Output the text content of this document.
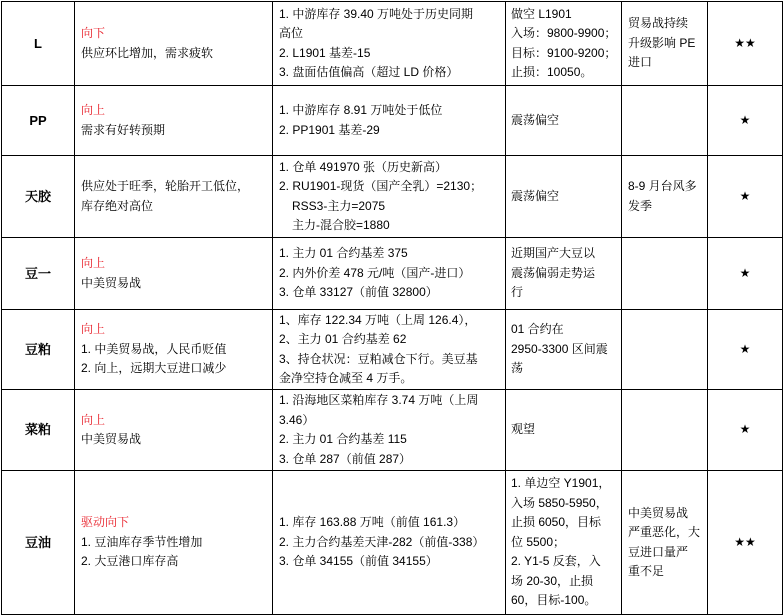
L
向下
供应环比增加，需求疲软
1. 中游库存 39.40 万吨处于历史同期
高位
2. L1901 基差-15
3. 盘面估值偏高（超过 LD 价格）
做空 L1901
入场：9800-9900；
目标：9100-9200；
止损：10050。
贸易战持续
升级影响 PE
进口
★★
PP
向上
需求有好转预期
1. 中游库存 8.91 万吨处于低位
2. PP1901 基差-29
震荡偏空	★
天胶
供应处于旺季，轮胎开工低位，
库存绝对高位
1. 仓单 491970 张（历史新高）
2. RU1901-现货（国产全乳）=2130；
RSS3-主力=2075
主力-混合胶=1880
震荡偏空
8-9 月台风多
发季
★
豆一
向上
中美贸易战
1. 主力 01 合约基差 375
2. 内外价差 478 元/吨（国产-进口）
3. 仓单 33127（前值 32800）
近期国产大豆以
震荡偏弱走势运
行
★
豆粕
向上
1. 中美贸易战，人民币贬值
2. 向上，远期大豆进口减少
1、库存 122.34 万吨（上周 126.4），
2、主力 01 合约基差 62
3、持仓状况：豆粕减仓下行。美豆基
金净空持仓减至 4 万手。
01 合约在
2950-3300 区间震
荡
★
菜粕
向上
中美贸易战
1. 沿海地区菜粕库存 3.74 万吨（上周
3.46）
2. 主力 01 合约基差 115
3. 仓单 287（前值 287）
观望	★
豆油
驱动向下
1. 豆油库存季节性增加
2. 大豆港口库存高
1. 库存 163.88 万吨（前值 161.3）
2. 主力合约基差天津-282（前值-338）
3. 仓单 34155（前值 34155）
1. 单边空 Y1901，
入场 5850-5950，
止损 6050，目标
位 5500；
2. Y1-5 反套，入
场 20-30，止损
60，目标-100。
中美贸易战
严重恶化，大
豆进口量严
重不足
★★
